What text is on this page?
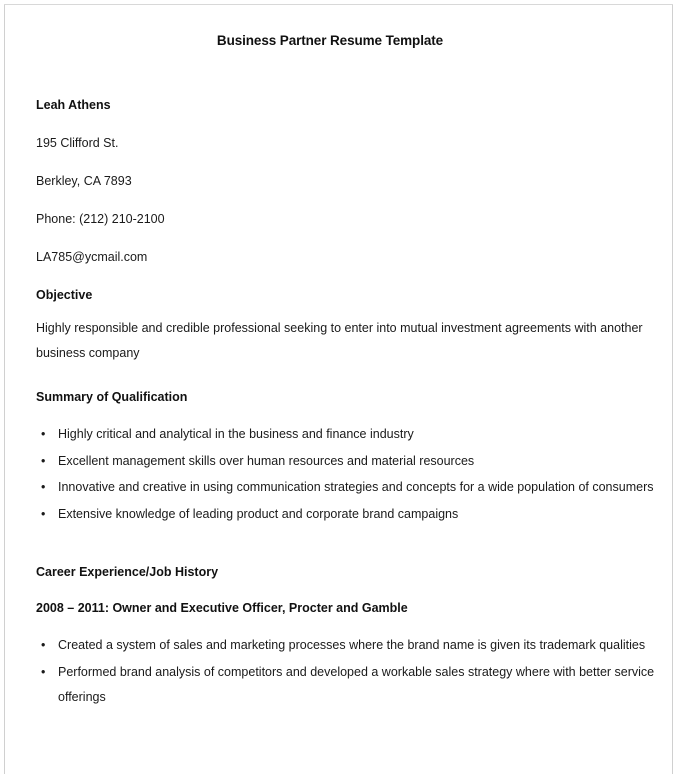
Business Partner Resume Template
Leah Athens
195 Clifford St.
Berkley, CA 7893
Phone: (212) 210-2100
LA785@ycmail.com
Objective

Highly responsible and credible professional seeking to enter into mutual investment agreements with another business company

Summary of Qualification
• Highly critical and analytical in the business and finance industry
• Excellent management skills over human resources and material resources
• Innovative and creative in using communication strategies and concepts for a wide population of consumers
• Extensive knowledge of leading product and corporate brand campaigns
Career Experience/Job History
2008 – 2011: Owner and Executive Officer, Procter and Gamble
• Created a system of sales and marketing processes where the brand name is given its trademark qualities
• Performed brand analysis of competitors and developed a workable sales strategy where with better service offerings
